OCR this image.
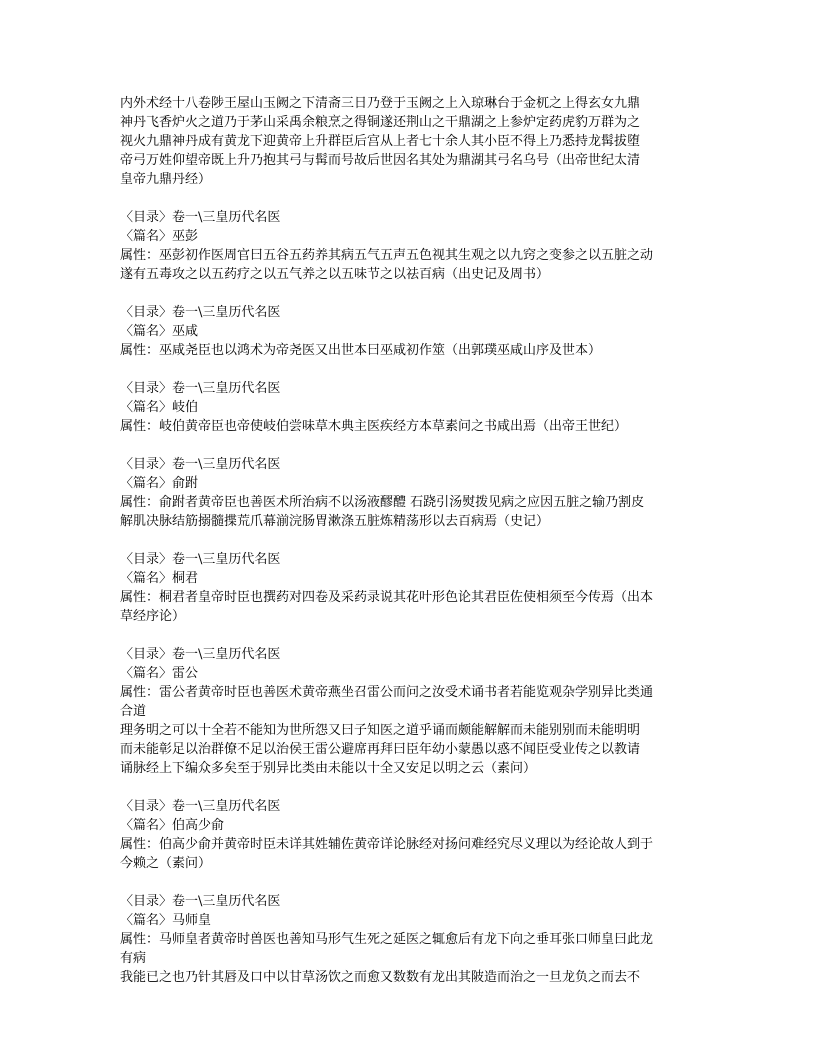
内外术经十八卷陟王屋山玉阙之下清斋三日乃登于玉阙之上入琼琳台于金杌之上得玄女九鼎
神丹飞香炉火之道乃于茅山采禹余粮烹之得铜遂还荆山之干鼎湖之上参炉定药虎豹万群为之
视火九鼎神丹成有黄龙下迎黄帝上升群臣后宫从上者七十余人其小臣不得上乃悉持龙髯拔堕
帝弓万姓仰望帝既上升乃抱其弓与髯而号故后世因名其处为鼎湖其弓名乌号（出帝世纪太清
皇帝九鼎丹经）
〈目录〉卷一\三皇历代名医
〈篇名〉巫彭
属性：巫彭初作医周官曰五谷五药养其病五气五声五色视其生观之以九窍之变参之以五脏之动
遂有五毒攻之以五药疗之以五气养之以五味节之以祛百病（出史记及周书）
〈目录〉卷一\三皇历代名医
〈篇名〉巫咸
属性：巫咸尧臣也以鸿术为帝尧医又出世本曰巫咸初作筮（出郭璞巫咸山序及世本）
〈目录〉卷一\三皇历代名医
〈篇名〉岐伯
属性：岐伯黄帝臣也帝使岐伯尝味草木典主医疾经方本草素问之书咸出焉（出帝王世纪）
〈目录〉卷一\三皇历代名医
〈篇名〉俞跗
属性：俞跗者黄帝臣也善医术所治病不以汤液醪醴 石跷引汤熨拨见病之应因五脏之输乃割皮
解肌决脉结筋搦髓揲荒爪幕湔浣肠胃漱涤五脏炼精荡形以去百病焉（史记）
〈目录〉卷一\三皇历代名医
〈篇名〉桐君
属性：桐君者皇帝时臣也撰药对四卷及采药录说其花叶形色论其君臣佐使相须至今传焉（出本
草经序论）
〈目录〉卷一\三皇历代名医
〈篇名〉雷公
属性：雷公者黄帝时臣也善医术黄帝燕坐召雷公而问之汝受术诵书者若能览观杂学别异比类通
合道
理务明之可以十全若不能知为世所怨又曰子知医之道乎诵而颇能解解而未能别别而未能明明
而未能彰足以治群僚不足以治侯王雷公避席再拜曰臣年幼小蒙愚以惑不闻臣受业传之以教请
诵脉经上下编众多矣至于别异比类由未能以十全又安足以明之云（素问）
〈目录〉卷一\三皇历代名医
〈篇名〉伯高少俞
属性：伯高少俞并黄帝时臣未详其姓辅佐黄帝详论脉经对扬问难经究尽义理以为经论故人到于
今赖之（素问）
〈目录〉卷一\三皇历代名医
〈篇名〉马师皇
属性：马师皇者黄帝时兽医也善知马形气生死之延医之辄愈后有龙下向之垂耳张口师皇曰此龙
有病
我能已之也乃针其唇及口中以甘草汤饮之而愈又数数有龙出其陂造而治之一旦龙负之而去不
